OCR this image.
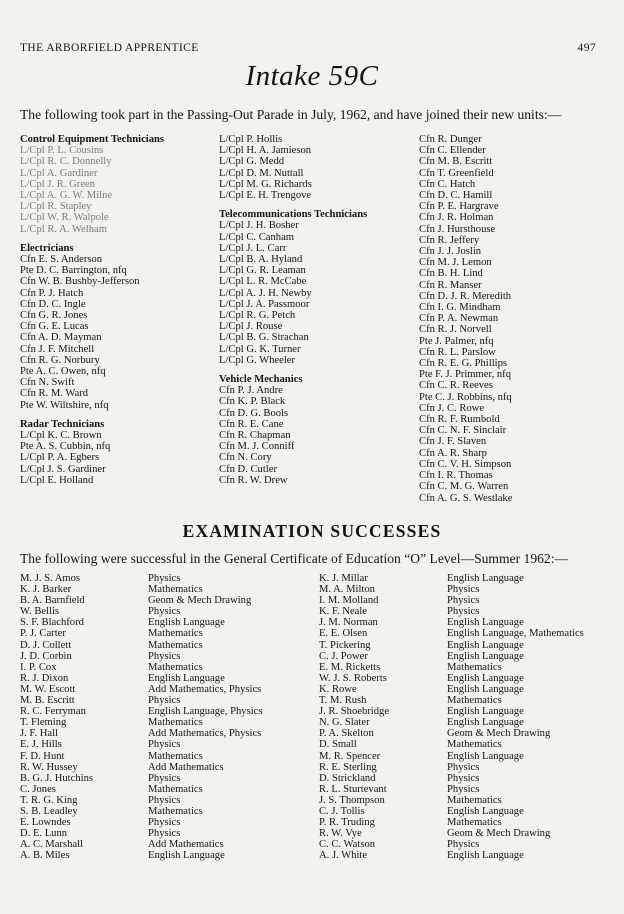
THE ARBORFIELD APPRENTICE	497
Intake 59C
The following took part in the Passing-Out Parade in July, 1962, and have joined their new units:—
Control Equipment Technicians
L/Cpl P. L. Cousins
L/Cpl R. C. Donnelly
L/Cpl A. Gardiner
L/Cpl J. R. Green
L/Cpl A. G. W. Milne
L/Cpl R. Stapley
L/Cpl W. R. Walpole
L/Cpl R. A. Welham
Electricians
Cfn E. S. Anderson
Pte D. C. Barrington, nfq
Cfn W. B. Bushby-Jefferson
Cfn P. J. Hatch
Cfn D. C. Ingle
Cfn G. R. Jones
Cfn G. E. Lucas
Cfn A. D. Mayman
Cfn J. F. Mitchell
Cfn R. G. Norbury
Pte A. C. Owen, nfq
Cfn N. Swift
Cfn R. M. Ward
Pte W. Wiltshire, nfq
Radar Technicians
L/Cpl K. C. Brown
Pte A. S. Cubbin, nfq
L/Cpl P. A. Egbers
L/Cpl J. S. Gardiner
L/Cpl E. Holland
L/Cpl P. Hollis
L/Cpl H. A. Jamieson
L/Cpl G. Medd
L/Cpl D. M. Nuttall
L/Cpl M. G. Richards
L/Cpl E. H. Trengove
Telecommunications Technicians
L/Cpl J. H. Bosher
L/Cpl C. Canham
L/Cpl J. L. Carr
L/Cpl B. A. Hyland
L/Cpl G. R. Leaman
L/Cpl L. R. McCabe
L/Cpl A. J. H. Newby
L/Cpl J. A. Passmoor
L/Cpl R. G. Petch
L/Cpl J. Rouse
L/Cpl B. G. Strachan
L/Cpl G. K. Turner
L/Cpl G. Wheeler
Vehicle Mechanics
Cfn P. J. Andre
Cfn K. P. Black
Cfn D. G. Bools
Cfn R. E. Cane
Cfn R. Chapman
Cfn M. J. Conniff
Cfn N. Cory
Cfn D. Cutler
Cfn R. W. Drew
Cfn R. Dunger
Cfn C. Ellender
Cfn M. B. Escritt
Cfn T. Greenfield
Cfn C. Hatch
Cfn D. C. Hamill
Cfn P. E. Hargrave
Cfn J. R. Holman
Cfn J. Hursthouse
Cfn R. Jeffery
Cfn J. J. Joslin
Cfn M. J. Lemon
Cfn B. H. Lind
Cfn R. Manser
Cfn D. J. R. Meredith
Cfn I. G. Mindham
Cfn P. A. Newman
Cfn R. J. Norvell
Pte J. Palmer, nfq
Cfn R. L. Parslow
Cfn R. E. G. Phillips
Pte F. J. Primmer, nfq
Cfn C. R. Reeves
Pte C. J. Robbins, nfq
Cfn J. C. Rowe
Cfn R. F. Rumbold
Cfn C. N. F. Sinclair
Cfn J. F. Slaven
Cfn A. R. Sharp
Cfn C. V. H. Simpson
Cfn I. R. Thomas
Cfn C. M. G. Warren
Cfn A. G. S. Westlake
EXAMINATION SUCCESSES
The following were successful in the General Certificate of Education “O” Level—Summer 1962:—
M. J. S. Amos
K. J. Barker
B. A. Barnfield
W. Bellis
S. F. Blachford
P. J. Carter
D. J. Collett
J. D. Corbin
I. P. Cox
R. J. Dixon
M. W. Escott
M. B. Escritt
R. C. Ferryman
T. Fleming
J. F. Hall
E. J. Hills
F. D. Hunt
R. W. Hussey
B. G. J. Hutchins
C. Jones
T. R. G. King
S. B. Leadley
E. Lowndes
D. E. Lunn
A. C. Marshall
A. B. Miles
Physics
Mathematics
Geom & Mech Drawing
Physics
English Language
Mathematics
Mathematics
Physics
Mathematics
English Language
Add Mathematics, Physics
Physics
English Language, Physics
Mathematics
Add Mathematics, Physics
Physics
Mathematics
Add Mathematics
Physics
Mathematics
Physics
Mathematics
Physics
Physics
Add Mathematics
English Language
K. J. Millar
M. A. Milton
I. M. Molland
K. F. Neale
J. M. Norman
E. E. Olsen
T. Pickering
C. J. Power
E. M. Ricketts
W. J. S. Roberts
K. Rowe
T. M. Rush
J. R. Shoebridge
N. G. Slater
P. A. Skelton
D. Small
M. R. Spencer
R. E. Sterling
D. Strickland
R. L. Sturtevant
J. S. Thompson
C. J. Tollis
P. R. Truding
R. W. Vye
C. C. Watson
A. J. White
English Language
Physics
Physics
Physics
English Language
English Language, Mathematics
English Language
English Language
Mathematics
English Language
English Language
Mathematics
English Language
English Language
Geom & Mech Drawing
Mathematics
English Language
Physics
Physics
Physics
Mathematics
English Language
Mathematics
Geom & Mech Drawing
Physics
English Language
